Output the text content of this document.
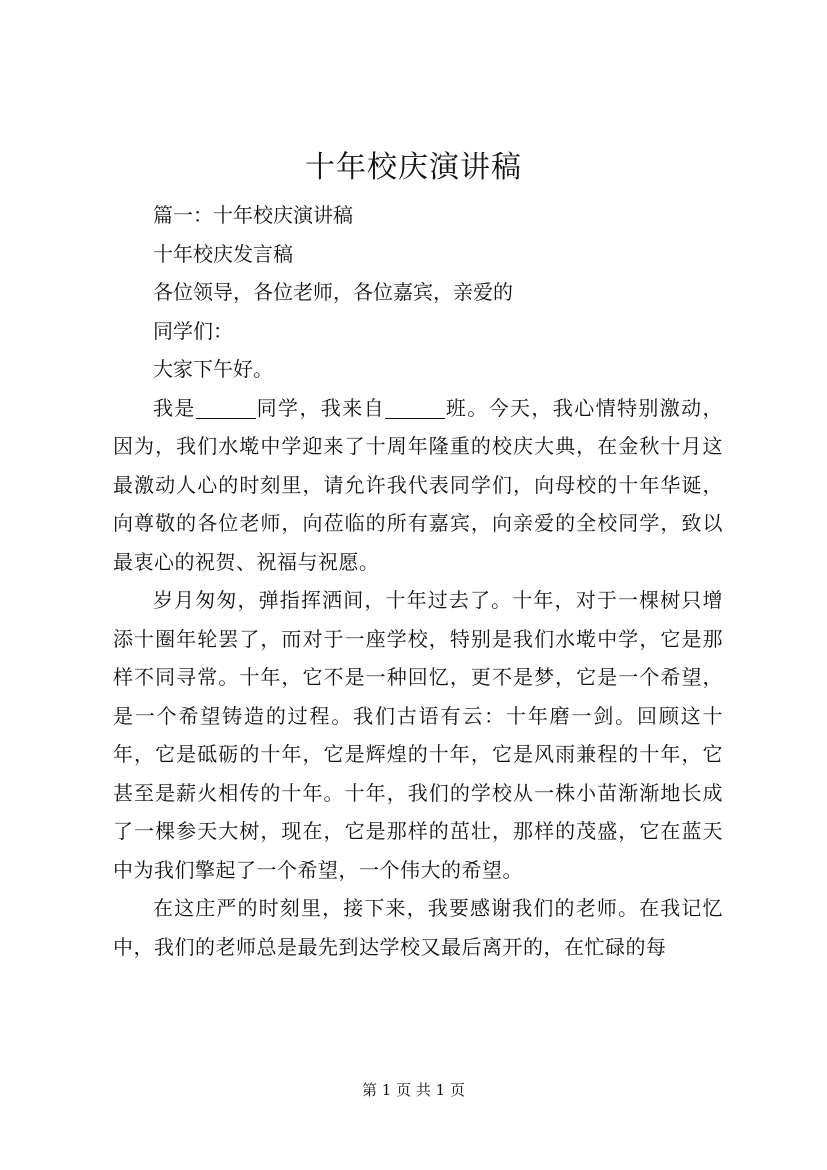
十年校庆演讲稿
篇一：十年校庆演讲稿
十年校庆发言稿
各位领导，各位老师，各位嘉宾，亲爱的
同学们：
大家下午好。
我是	同学，我来自	班。今天，我心情特别激动，因为，我们水墘中学迎来了十周年隆重的校庆大典，在金秋十月这最激动人心的时刻里，请允许我代表同学们，向母校的十年华诞，向尊敬的各位老师，向莅临的所有嘉宾，向亲爱的全校同学，致以最衷心的祝贺、祝福与祝愿。
岁月匆匆，弹指挥洒间，十年过去了。十年，对于一棵树只增添十圈年轮罢了，而对于一座学校，特别是我们水墘中学，它是那样不同寻常。十年，它不是一种回忆，更不是梦，它是一个希望，是一个希望铸造的过程。我们古语有云：十年磨一剑。回顾这十年，它是砥砺的十年，它是辉煌的十年，它是风雨兼程的十年，它甚至是薪火相传的十年。十年，我们的学校从一株小苗渐渐地长成了一棵参天大树，现在，它是那样的茁壮，那样的茂盛，它在蓝天中为我们擎起了一个希望，一个伟大的希望。
在这庄严的时刻里，接下来，我要感谢我们的老师。在我记忆中，我们的老师总是最先到达学校又最后离开的，在忙碌的每
第 1 页 共 1 页
